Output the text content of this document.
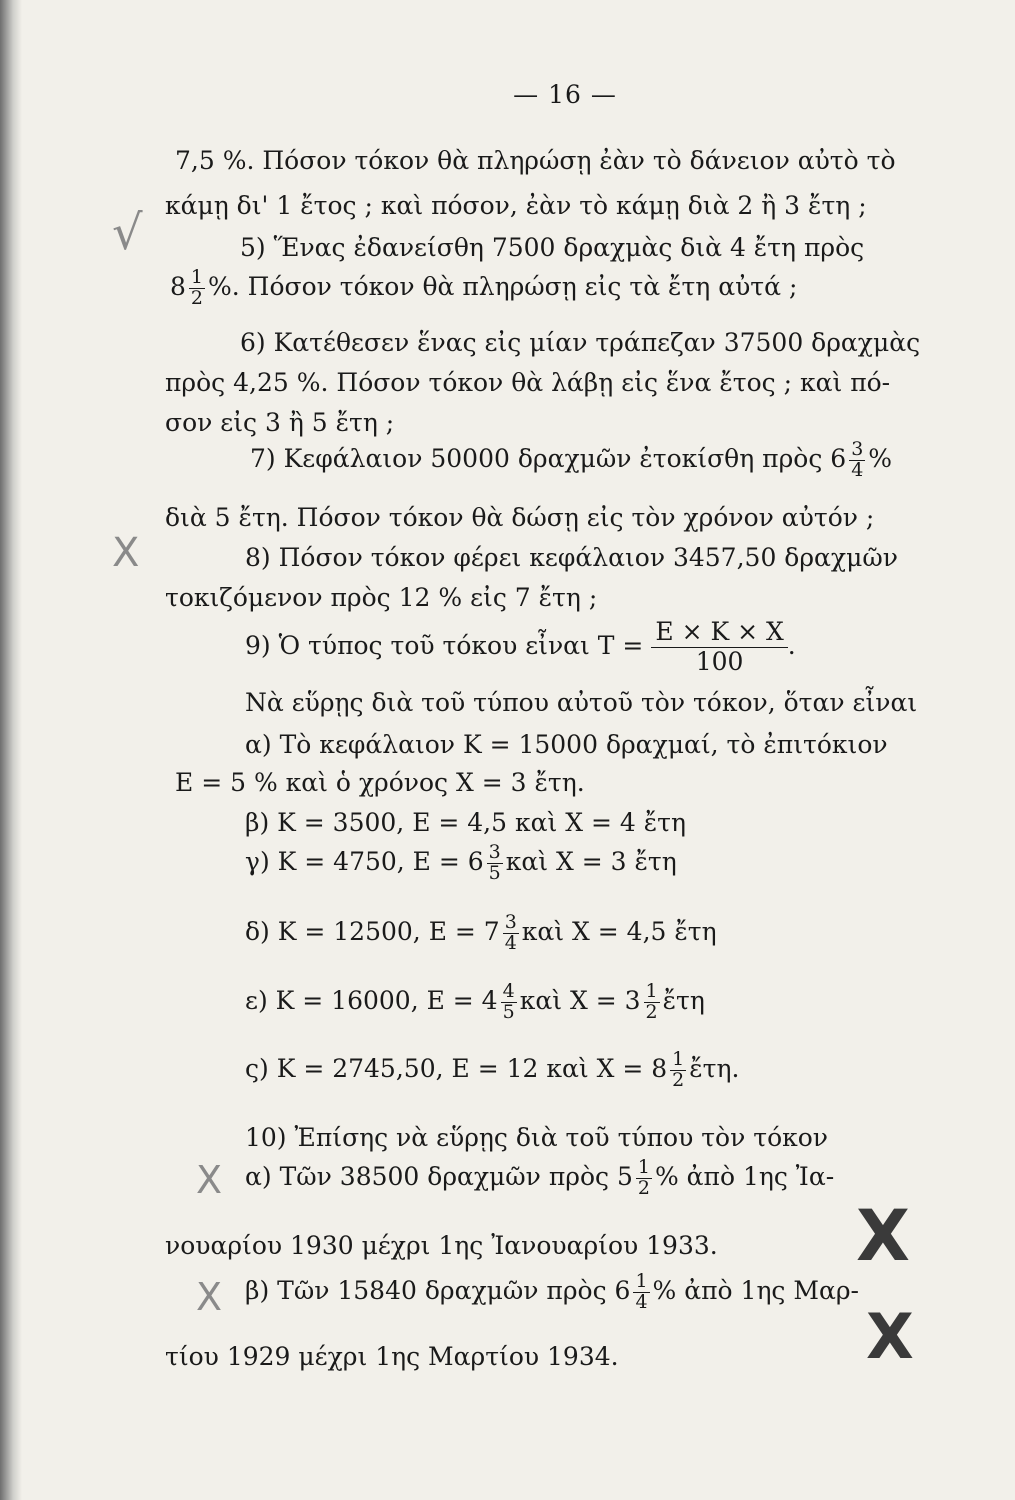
√
X
X
X
X
X
— 16 —
7,5 %. Πόσον τόκον θὰ πληρώσῃ ἐὰν τὸ δάνειον αὐτὸ τὸ
κάμῃ δι' 1 ἔτος ; καὶ πόσον, ἐὰν τὸ κάμῃ διὰ 2 ἢ 3 ἔτη ;
5) Ἕνας ἐδανείσθη 7500 δραχμὰς διὰ 4 ἔτη πρὸς
$8 \frac{1}{2}$ %. Πόσον τόκον θὰ πληρώσῃ εἰς τὰ ἔτη αὐτά ;
6) Κατέθεσεν ἕνας εἰς μίαν τράπεζαν 37500 δραχμὰς
πρὸς 4,25 %. Πόσον τόκον θὰ λάβῃ εἰς ἕνα ἔτος ; καὶ πό-
σον εἰς 3 ἢ 5 ἔτη ;
7) Κεφάλαιον 50000 δραχμῶν ἐτοκίσθη πρὸς $6 \frac{3}{4}$ %
διὰ 5 ἔτη. Πόσον τόκον θὰ δώσῃ εἰς τὸν χρόνον αὐτόν ;
8) Πόσον τόκον φέρει κεφάλαιον 3457,50 δραχμῶν
τοκιζόμενον πρὸς 12 % εἰς 7 ἔτη ;
9) Ὁ τύπος τοῦ τόκου εἶναι $T = \frac{E \times K \times X}{100}$ .
Νὰ εὕρῃς διὰ τοῦ τύπου αὐτοῦ τὸν τόκον, ὅταν εἶναι
α) Τὸ κεφάλαιον Κ = 15000 δραχμαί, τὸ ἐπιτόκιον
Ε = 5 % καὶ ὁ χρόνος Χ = 3 ἔτη.
β) Κ = 3500, Ε = 4,5 καὶ Χ = 4 ἔτη
γ) Κ = 4750, $E = 6 \frac{3}{5}$ καὶ Χ = 3 ἔτη
δ) Κ = 12500, $E = 7 \frac{3}{4}$ καὶ Χ = 4,5 ἔτη
ε) Κ = 16000, $E = 4 \frac{4}{5}$ καὶ $X = 3 \frac{1}{2}$ ἔτη
ς) Κ = 2745,50, Ε = 12 καὶ $X = 8 \frac{1}{2}$ ἔτη.
10) Ἐπίσης νὰ εὕρῃς διὰ τοῦ τύπου τὸν τόκον
α) Τῶν 38500 δραχμῶν πρὸς $5 \frac{1}{2}$ % ἀπὸ 1ης Ἰα-
νουαρίου 1930 μέχρι 1ης Ἰανουαρίου 1933.
β) Τῶν 15840 δραχμῶν πρὸς $6 \frac{1}{4}$ % ἀπὸ 1ης Μαρ-
τίου 1929 μέχρι 1ης Μαρτίου 1934.
